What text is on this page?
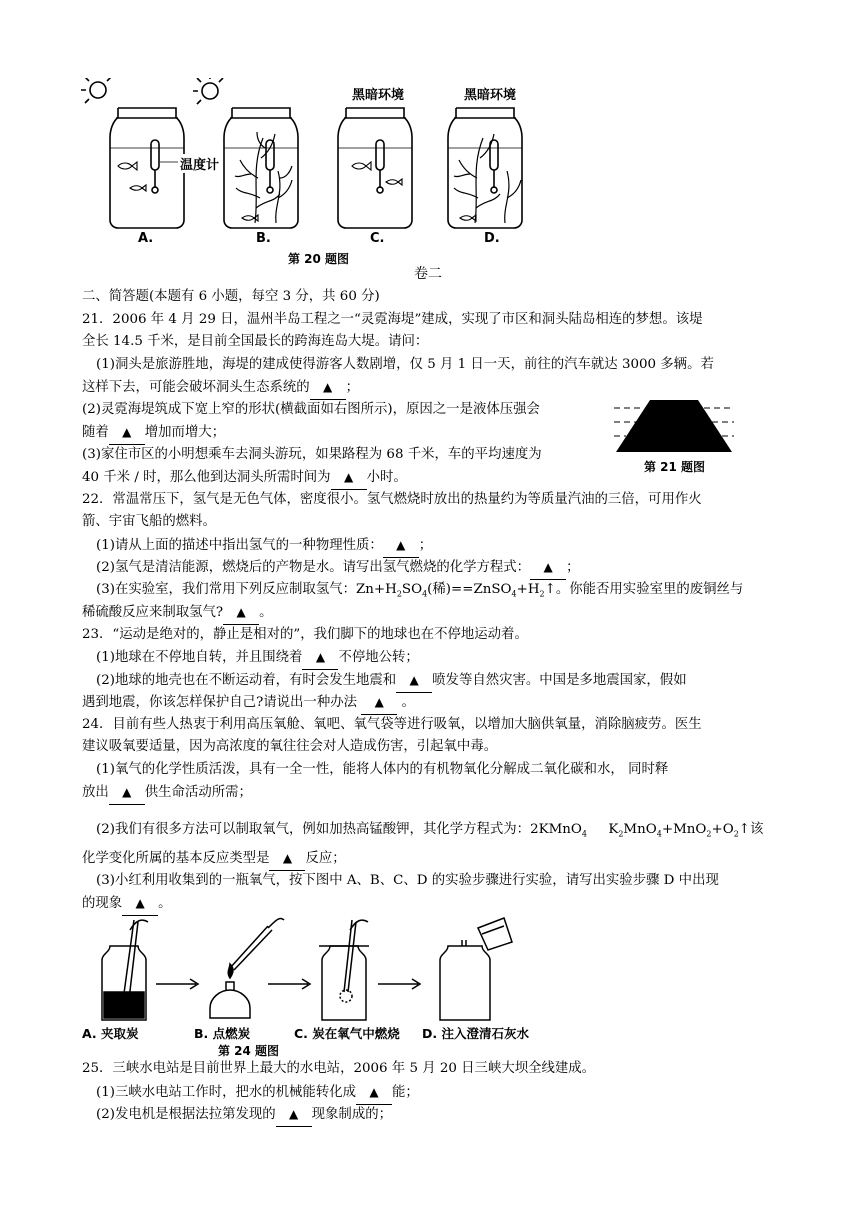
黑暗环境	黑暗环境
温度计
A.	B.	C.	D.
第 20 题图
卷二
二、简答题(本题有 6 小题，每空 3 分，共 60 分)
21．2006 年 4 月 29 日，温州半岛工程之一“灵霓海堤”建成，实现了市区和洞头陆岛相连的梦想。该堤
全长 14.5 千米，是目前全国最长的跨海连岛大堤。请问：
(1)洞头是旅游胜地，海堤的建成使得游客人数剧增，仅 5 月 1 日一天，前往的汽车就达 3000 多辆。若
这样下去，可能会破坏洞头生态系统的 ▲ ；
(2)灵霓海堤筑成下宽上窄的形状(横截面如右图所示)，原因之一是液体压强会
随着 ▲ 增加而增大；
(3)家住市区的小明想乘车去洞头游玩，如果路程为 68 千米，车的平均速度为
40 千米 / 时，那么他到达洞头所需时间为 ▲ 小时。
第 21 题图
22．常温常压下，氢气是无色气体，密度很小。氢气燃烧时放出的热量约为等质量汽油的三倍，可用作火
箭、宇宙飞船的燃料。
(1)请从上面的描述中指出氢气的一种物理性质： ▲ ；
(2)氢气是清洁能源，燃烧后的产物是水。请写出氢气燃烧的化学方程式： ▲ ；
(3)在实验室，我们常用下列反应制取氢气：$Zn+H_2SO_4$(稀)$==ZnSO_4+H_2↑$。你能否用实验室里的废铜丝与
稀硫酸反应来制取氢气? ▲ 。
23．“运动是绝对的，静止是相对的”，我们脚下的地球也在不停地运动着。
(1)地球在不停地自转，并且围绕着 ▲ 不停地公转；
(2)地球的地壳也在不断运动着，有时会发生地震和 ▲ 喷发等自然灾害。中国是多地震国家，假如
遇到地震，你该怎样保护自己?请说出一种办法 ▲ 。
24．目前有些人热衷于利用高压氧舱、氧吧、氧气袋等进行吸氧，以增加大脑供氧量，消除脑疲劳。医生
建议吸氧要适量，因为高浓度的氧往往会对人造成伤害，引起氧中毒。
(1)氧气的化学性质活泼，具有一全一性，能将人体内的有机物氧化分解成二氧化碳和水， 同时释
放出 ▲ 供生命活动所需；
(2)我们有很多方法可以制取氧气，例如加热高锰酸钾，其化学方程式为：2KMnO$_4$ $K_2MnO_4+MnO_2+O_2↑$该
化学变化所属的基本反应类型是 ▲ 反应；
(3)小红利用收集到的一瓶氧气，按下图中 A、B、C、D 的实验步骤进行实验，请写出实验步骤 D 中出现
的现象 ▲ 。
A. 夹取炭	B. 点燃炭	C. 炭在氧气中燃烧 D. 注入澄清石灰水
第 24 题图
25．三峡水电站是目前世界上最大的水电站，2006 年 5 月 20 日三峡大坝全线建成。
(1)三峡水电站工作时，把水的机械能转化成 ▲ 能；
(2)发电机是根据法拉第发现的 ▲ 现象制成的；
